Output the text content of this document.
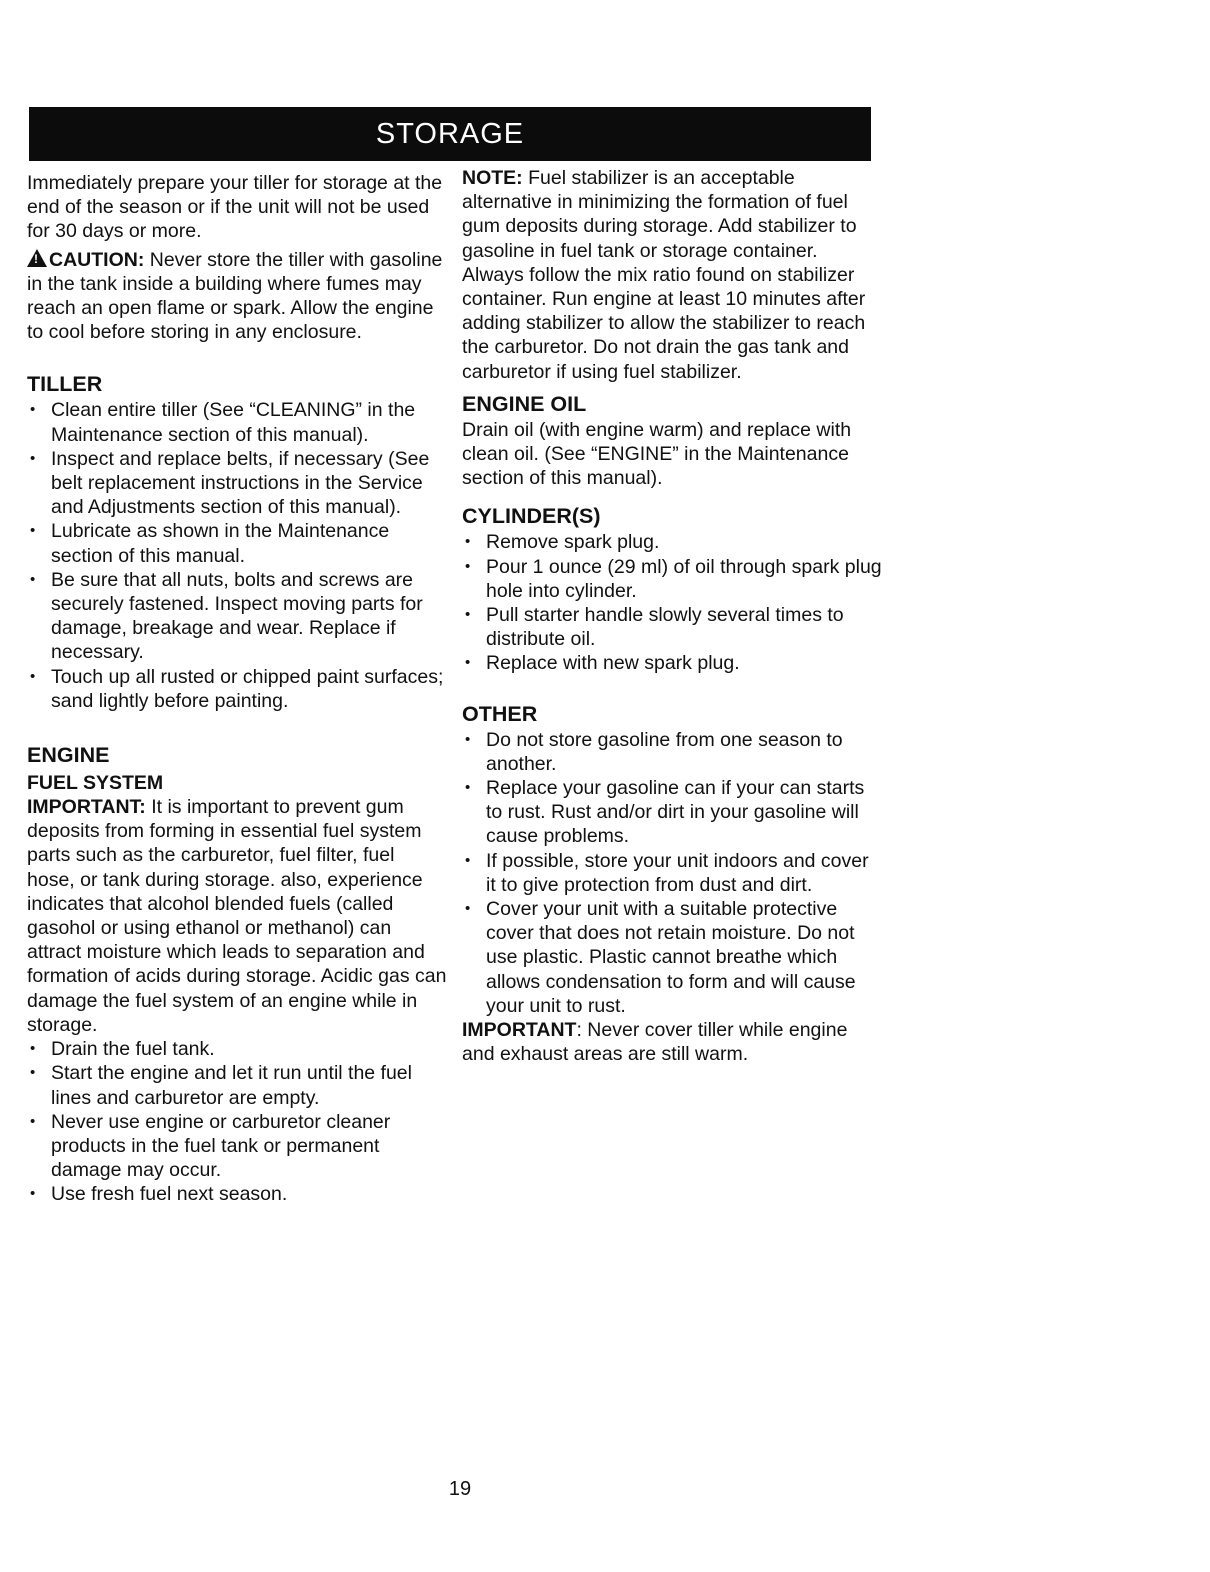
STORAGE

Immediately prepare your tiller for storage at the end of the season or if the unit will not be used for 30 days or more.

!CAUTION: Never store the tiller with gasoline in the tank inside a building where fumes may reach an open flame or spark. Allow the engine to cool before storing in any enclosure.

TILLER
• Clean entire tiller (See “CLEANING” in the Maintenance section of this manual).
• Inspect and replace belts, if necessary (See belt replacement instructions in the Service and Adjustments section of this manual).
• Lubricate as shown in the Maintenance section of this manual.
• Be sure that all nuts, bolts and screws are securely fastened. Inspect moving parts for damage, breakage and wear. Replace if necessary.
• Touch up all rusted or chipped paint surfaces; sand lightly before painting.
ENGINE
FUEL SYSTEM

IMPORTANT: It is important to prevent gum deposits from forming in essential fuel system parts such as the carburetor, fuel filter, fuel hose, or tank during storage. also, experience indicates that alcohol blended fuels (called gasohol or using ethanol or methanol) can attract moisture which leads to separation and formation of acids during storage. Acidic gas can damage the fuel system of an engine while in storage.

• Drain the fuel tank.
• Start the engine and let it run until the fuel lines and carburetor are empty.
• Never use engine or carburetor cleaner products in the fuel tank or permanent damage may occur.
• Use fresh fuel next season.

NOTE: Fuel stabilizer is an acceptable alternative in minimizing the formation of fuel gum deposits during storage. Add stabilizer to gasoline in fuel tank or storage container. Always follow the mix ratio found on stabilizer container. Run engine at least 10 minutes after adding stabilizer to allow the stabilizer to reach the carburetor. Do not drain the gas tank and carburetor if using fuel stabilizer.

ENGINE OIL

Drain oil (with engine warm) and replace with clean oil. (See “ENGINE” in the Maintenance section of this manual).

CYLINDER(S)
• Remove spark plug.
• Pour 1 ounce (29 ml) of oil through spark plug hole into cylinder.
• Pull starter handle slowly several times to distribute oil.
• Replace with new spark plug.
OTHER
• Do not store gasoline from one season to another.
• Replace your gasoline can if your can starts to rust. Rust and/or dirt in your gasoline will cause problems.
• If possible, store your unit indoors and cover it to give protection from dust and dirt.
• Cover your unit with a suitable protective cover that does not retain moisture. Do not use plastic. Plastic cannot breathe which allows condensation to form and will cause your unit to rust.

IMPORTANT: Never cover tiller while engine and exhaust areas are still warm.

19
